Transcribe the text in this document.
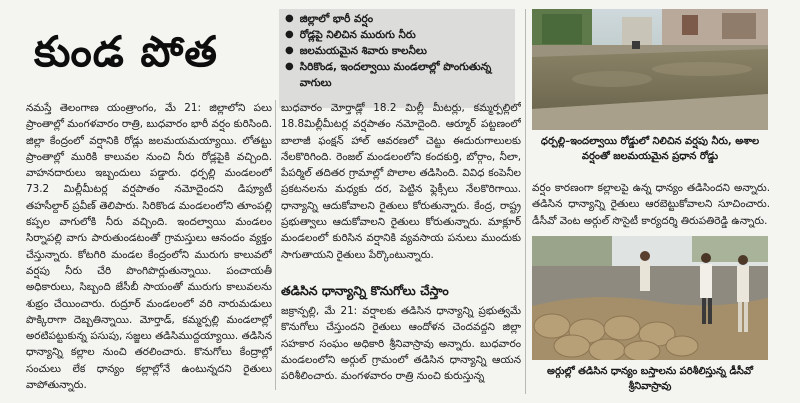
కుండ పోత
● జిల్లాలో భారీ వర్షం
● రోడ్లపై నిలిచిన మురుగు నీరు
● జలమయమైన శివారు కాలనీలు
● సిరికొండ, ఇందల్వాయి మండలాల్లో పొంగుతున్న వాగులు

నమస్తే తెలంగాణ యంత్రాంగం, మే 21: జిల్లాలోని పలు ప్రాంతాల్లో మంగళవారం రాత్రి, బుధవారం భారీ వర్షం కురిసింది. జిల్లా కేంద్రంలో వర్షానికి రోడ్లు జలమయమయ్యాయి. లోతట్టు ప్రాంతాల్లో మురికి కాలువల నుంచి నీరు రోడ్లపైకి వచ్చింది. వాహనదారులు ఇబ్బందులు పడ్డారు. ధర్పల్లి మండలంలో 73.2 మిల్లీమీటర్ల వర్షపాతం నమోదైందని డిప్యూటీ తహసీల్దార్ ప్రవీణ్ తెలిపారు. సిరికొండ మండలంలోని తూంపల్లి కప్పల వాగులోకి నీరు వచ్చింది. ఇందల్వాయి మండలం సిర్నాపల్లి వాగు పారుతుండటంతో గ్రామస్తులు ఆనందం వ్యక్తం చేస్తున్నారు. కోటగిరి మండల కేంద్రంలోని మురుగు కాలువలో వర్షపు నీరు చేరి పొంగిపొర్లుతున్నాయి. పంచాయతీ అధికారులు, సిబ్బంది జేసీబీ సాయంతో మురుగు కాలువలను శుభ్రం చేయించారు. రుద్రూర్ మండలంలో వరి నారుమడులు పొక్కిరాగా దెబ్బతిన్నాయి. మోర్తాడ్, కమ్మర్పల్లి మండలాల్లో అరటిపట్టుకున్న పసుపు, సజ్జలు తడిసిముద్దయ్యాయి. తడిసిన ధాన్యాన్ని కల్లాల నుంచి తరలించారు. కొనుగోలు కేంద్రాల్లో సంచులు లేక ధాన్యం కల్లాల్లోనే ఉంటున్నదని రైతులు వాపోతున్నారు.

బుధవారం మోర్తాడ్లో 18.2 మిల్లీ మీటర్లు, కమ్మర్పల్లిలో 18.8మిల్లీమీటర్ల వర్షపాతం నమోదైంది. ఆర్మూర్ పట్టణంలో బాలాజీ ఫంక్షన్ హాల్ ఆవరణలో చెట్టు ఈదురుగాలులకు నేలకొరిగింది. రెంజల్ మండలంలోని కందకుర్తి, బోర్గాం, నీలా, పేపర్మిల్ తదితర గ్రామాల్లో పొలాల తడిసింది. వివిధ కంపెనీల ప్రకటనలను మధ్యకు దర, పెట్టిన ఫ్లెక్సీలు నేలకొరిగాయి. ధాన్యాన్ని ఆదుకోవాలని రైతులు కోరుతున్నారు. కేంద్ర, రాష్ట్ర ప్రభుత్వాలు ఆదుకోవాలని రైతులు కోరుతున్నారు. మాక్లూర్ మండలంలో కురిసిన వర్షానికి వ్యవసాయ పనులు ముందుకు సాగుతాయని రైతులు పేర్కొంటున్నారు.

తడిసిన ధాన్యాన్ని కొనుగోలు చేస్తాం

జక్రాన్పల్లి, మే 21: వర్షాలకు తడిసిన ధాన్యాన్ని ప్రభుత్వమే కొనుగోలు చేస్తుందని రైతులు ఆందోళన చెందవద్దని జిల్లా సహకార సంఘం అధికారి శ్రీనివాస్రావు అన్నారు. బుధవారం మండలంలోని అర్గుల్ గ్రామంలో తడిసిన ధాన్యాన్ని ఆయన పరిశీలించారు. మంగళవారం రాత్రి నుంచి కురుస్తున్న

ధర్పల్లి–ఇందల్వాయి రోడ్డులో నిలిచిన వర్షపు నీరు, అశాల వర్షంతో జలమయమైన ప్రధాన రోడ్డు

వర్షం కారణంగా కల్లాలపై ఉన్న ధాన్యం తడిసిందని అన్నారు. తడిసిన ధాన్యాన్ని రైతులు ఆరబెట్టుకోవాలని సూచించారు. డీసీవో వెంట అర్గుల్ సొసైటీ కార్యదర్శి తిరుపతిరెడ్డి ఉన్నారు.

అర్గుల్లో తడిసిన ధాన్యం బస్తాలను పరిశీలిస్తున్న డీసీవో శ్రీనివాస్రావు
